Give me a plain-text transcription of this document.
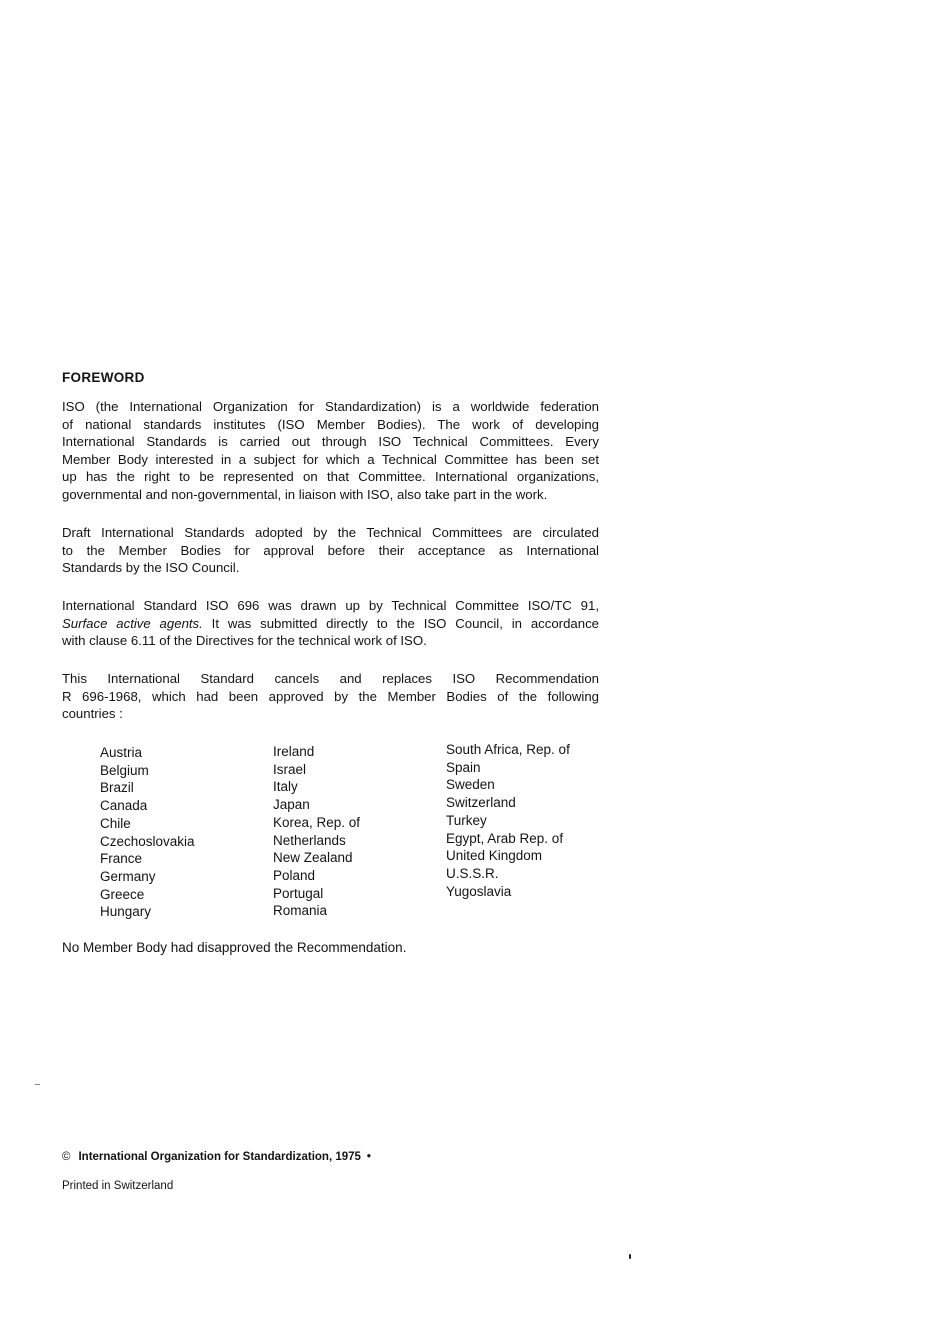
FOREWORD
ISO (the International Organization for Standardization) is a worldwide federation
of national standards institutes (ISO Member Bodies). The work of developing
International Standards is carried out through ISO Technical Committees. Every
Member Body interested in a subject for which a Technical Committee has been set
up has the right to be represented on that Committee. International organizations,
governmental and non-governmental, in liaison with ISO, also take part in the work.
Draft International Standards adopted by the Technical Committees are circulated
to the Member Bodies for approval before their acceptance as International
Standards by the ISO Council.
International Standard ISO 696 was drawn up by Technical Committee ISO/TC 91,
Surface active agents. It was submitted directly to the ISO Council, in accordance
with clause 6.11 of the Directives for the technical work of ISO.
This International Standard cancels and replaces ISO Recommendation
R 696-1968, which had been approved by the Member Bodies of the following
countries :
Austria
Belgium
Brazil
Canada
Chile
Czechoslovakia
France
Germany
Greece
Hungary
Ireland
Israel
Italy
Japan
Korea, Rep. of
Netherlands
New Zealand
Poland
Portugal
Romania
South Africa, Rep. of
Spain
Sweden
Switzerland
Turkey
Egypt, Arab Rep. of
United Kingdom
U.S.S.R.
Yugoslavia
No Member Body had disapproved the Recommendation.
© International Organization for Standardization, 1975 •
Printed in Switzerland
